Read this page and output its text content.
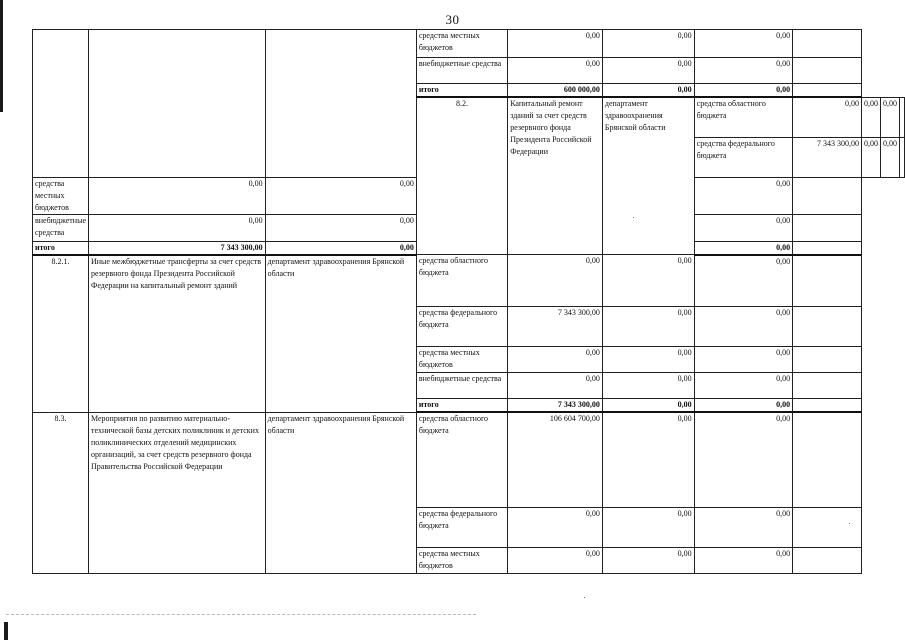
30
			средства местных бюджетов	0,00	0,00	0,00				
			внебюджетные средства	0,00	0,00	0,00				
			итого	600 000,00	0,00	0,00				
			8.2.	Капитальный ремонт зданий за счет средств резервного фонда Президента Российской Федерации	департамент здравоохранения Брянской области	средства областного бюджета	0,00	0,00	0,00	
						средства федерального бюджета	7 343 300,00	0,00	0,00	
средства местных бюджетов	0,00	0,00				0,00				
внебюджетные средства	0,00	0,00				0,00				
итого	7 343 300,00	0,00				0,00				
8.2.1.	Иные межбюджетные трансферты за счет средств резервного фонда Президента Российской Федерации на капитальный ремонт зданий	департамент здравоохранения Брянской области	средства областного бюджета	0,00	0,00	0,00				
			средства федерального бюджета	7 343 300,00	0,00	0,00				
			средства местных бюджетов	0,00	0,00	0,00				
			внебюджетные средства	0,00	0,00	0,00				
			итого	7 343 300,00	0,00	0,00				
8.3.	Мероприятия по развитию материально-технической базы детских поликлиник и детских поликлинических отделений медицинских организаций, за счет средств резервного фонда Правительства Российской Федерации	департамент здравоохранения Брянской области	средства областного бюджета	106 604 700,00	0,00	0,00				
			средства федерального бюджета	0,00	0,00	0,00				
			средства местных бюджетов	0,00	0,00	0,00				
